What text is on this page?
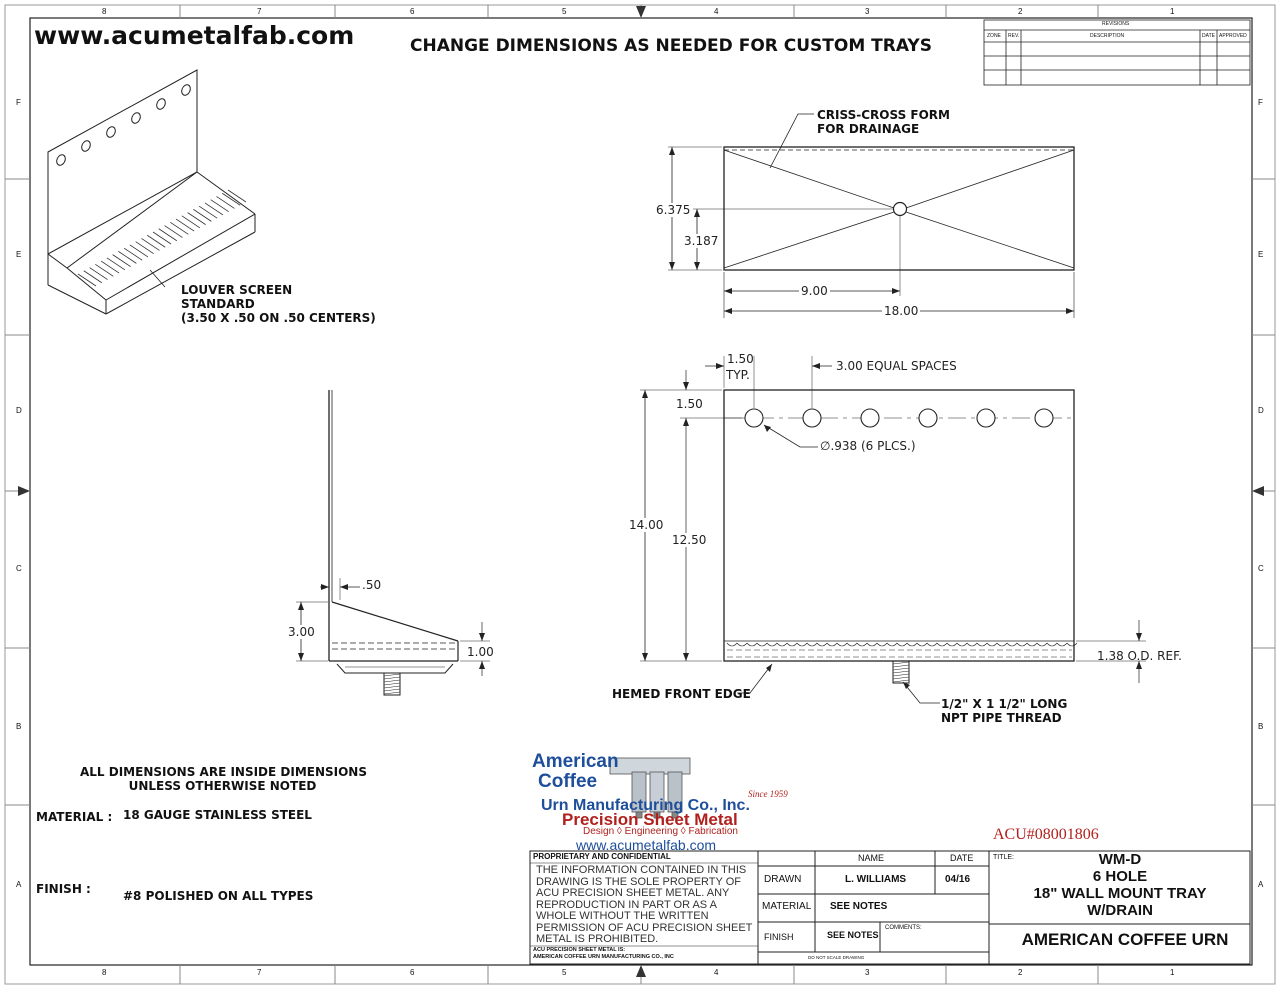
www.acumetalfab.com	CHANGE DIMENSIONS AS NEEDED FOR CUSTOM TRAYS
8	7	6	5	4	3	2	1
8	7	6	5	4	3	2	1
F
E
D
C
B
A
F
E
D
C
B
A
REVISIONS
ZONE REV.	DESCRIPTION	DATE APPROVED
LOUVER SCREEN
STANDARD
(3.50 X .50 ON .50 CENTERS)
CRISS-CROSS FORM
FOR DRAINAGE
6.375
3.187
9.00
18.00
.50
3.00
1.00
1.50
TYP.
3.00 EQUAL SPACES
1.50
∅.938 (6 PLCS.)
14.00
12.50
1.38 O.D. REF.
HEMED FRONT EDGE
1/2" X 1 1/2" LONG
NPT PIPE THREAD
ALL DIMENSIONS ARE INSIDE DIMENSIONS
UNLESS OTHERWISE NOTED
MATERIAL : 18 GAUGE STAINLESS STEEL
FINISH :	#8 POLISHED ON ALL TYPES
American
Coffee
Urn Manufacturing Co., Inc.
Since 1959
Precision Sheet Metal
Design ◊ Engineering ◊ Fabrication
www.acumetalfab.com
ACU#08001806
PROPRIETARY AND CONFIDENTIAL
THE INFORMATION CONTAINED IN THIS DRAWING IS THE SOLE PROPERTY OF ACU PRECISION SHEET METAL. ANY REPRODUCTION IN PART OR AS A WHOLE WITHOUT THE WRITTEN PERMISSION OF ACU PRECISION SHEET METAL IS PROHIBITED.
ACU PRECISION SHEET METAL IS:
AMERICAN COFFEE URN MANUFACTURING CO., INC
NAME	DATE
DRAWN	L. WILLIAMS	04/16
MATERIAL SEE NOTES
FINISH	SEE NOTES
COMMENTS:
DO NOT SCALE DRAWING
TITLE:	WM-D
6 HOLE
18" WALL MOUNT TRAY
W/DRAIN
AMERICAN COFFEE URN
